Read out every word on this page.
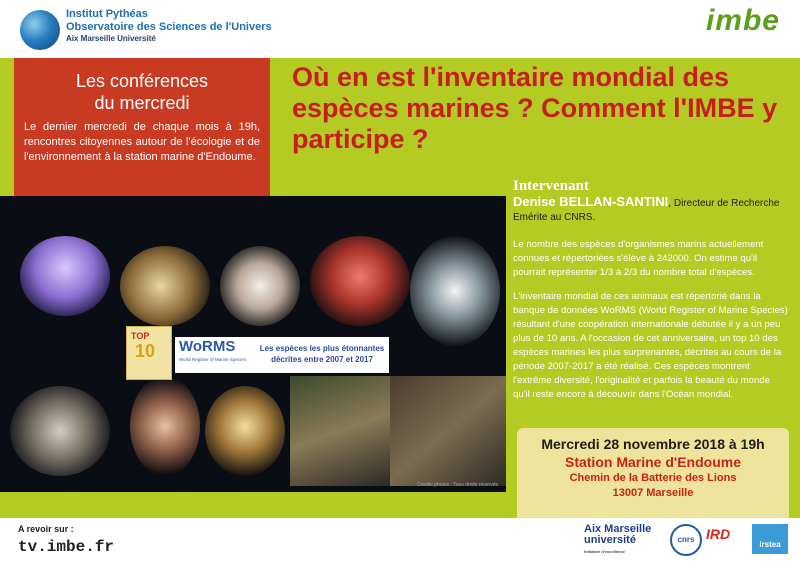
Institut Pythéas
Observatoire des Sciences de l'Univers
Aix Marseille Université
imbe
Les conférences
du mercredi
Le dernier mercredi de chaque mois à 19h, rencontres citoyennes autour de l'écologie et de l'environnement à la station marine d'Endoume.
Où en est l'inventaire mondial des espèces marines ? Comment l'IMBE y participe ?
Crédits photos : Tous droits réservés
TOP
10 WoRMS
World Register of Marine Species
Les espèces les plus étonnantes décrites entre 2007 et 2017
Intervenant
Denise BELLAN-SANTINI, Directeur de Recherche Emérite au CNRS.
Le nombre des espèces d'organismes marins actuellement connues et répertoriées s'élève à 242000. On estime qu'il pourrait représenter 1/3 à 2/3 du nombre total d'espèces.
L'inventaire mondial de ces animaux est répertorié dans la banque de données WoRMS (World Register of Marine Species) résultant d'une coopération internationale débutée il y a un peu plus de 10 ans. A l'occasion de cet anniversaire, un top 10 des espèces marines les plus surprenantes, décrites au cours de la période 2007-2017 a été réalisé. Ces espèces montrent l'extrême diversité, l'originalité et parfois la beauté du monde qu'il reste encore à découvrir dans l'Océan mondial.
Mercredi 28 novembre 2018 à 19h
Station Marine d'Endoume
Chemin de la Batterie des Lions
13007 Marseille
A revoir sur :
tv.imbe.fr
Aix Marseille
université
Initiative d'excellence
cnrs IRD
irstea
